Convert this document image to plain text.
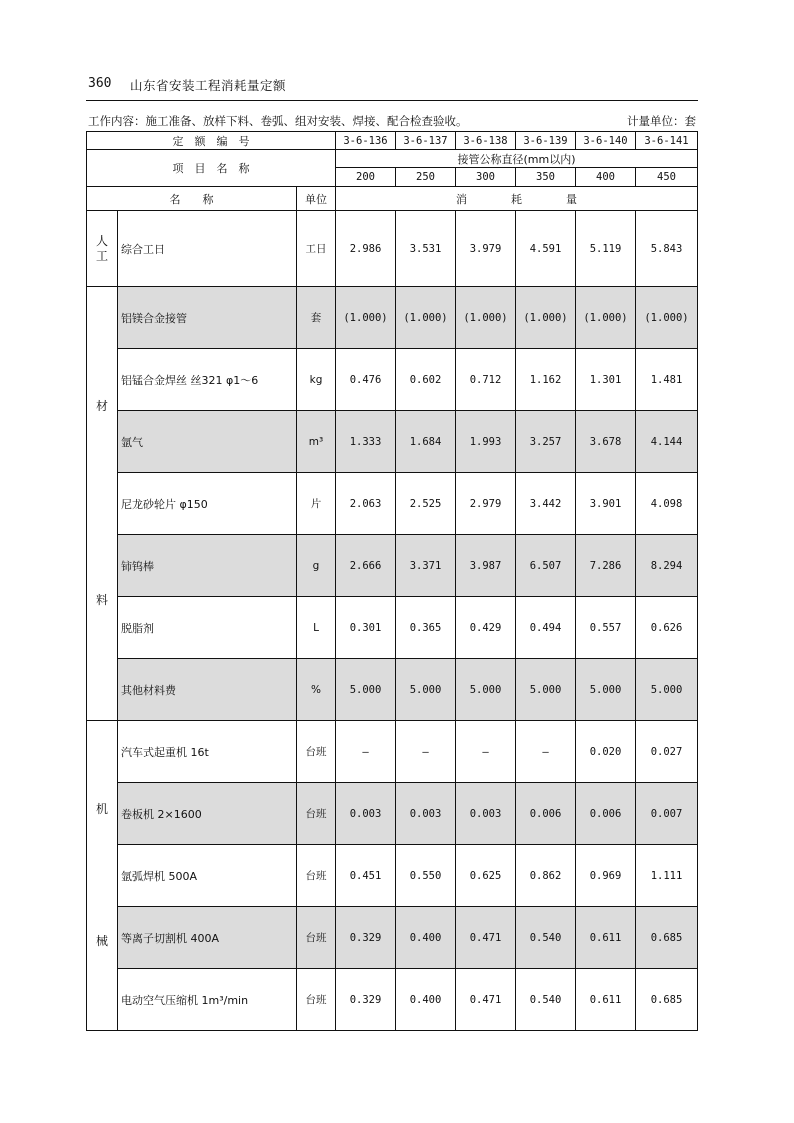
360 山东省安装工程消耗量定额
工作内容：施工准备、放样下料、卷弧、组对安装、焊接、配合检查验收。	计量单位：套
定　额　编　号			3-6-136	3-6-137	3-6-138	3-6-139	3-6-140	3-6-141
项　目　名　称			接管公称直径(mm以内)					
			200	250	300	350	400	450
名　　称		单位	消　　　　耗　　　　量					

人
工	综合工日	工日	2.986	3.531	3.979	4.591	5.119	5.843

材
料	铝镁合金接管	套	(1.000)	(1.000)	(1.000)	(1.000)	(1.000)	(1.000)
	铝锰合金焊丝 丝321 φ1～6	kg	0.476	0.602	0.712	1.162	1.301	1.481
	氩气	m³	1.333	1.684	1.993	3.257	3.678	4.144
	尼龙砂轮片 φ150	片	2.063	2.525	2.979	3.442	3.901	4.098
	铈钨棒	g	2.666	3.371	3.987	6.507	7.286	8.294
	脱脂剂	L	0.301	0.365	0.429	0.494	0.557	0.626
	其他材料费	%	5.000	5.000	5.000	5.000	5.000	5.000

机
械	汽车式起重机 16t	台班	—	—	—	—	0.020	0.027
	卷板机 2×1600	台班	0.003	0.003	0.003	0.006	0.006	0.007
	氩弧焊机 500A	台班	0.451	0.550	0.625	0.862	0.969	1.111
	等离子切割机 400A	台班	0.329	0.400	0.471	0.540	0.611	0.685
	电动空气压缩机 1m³/min	台班	0.329	0.400	0.471	0.540	0.611	0.685
